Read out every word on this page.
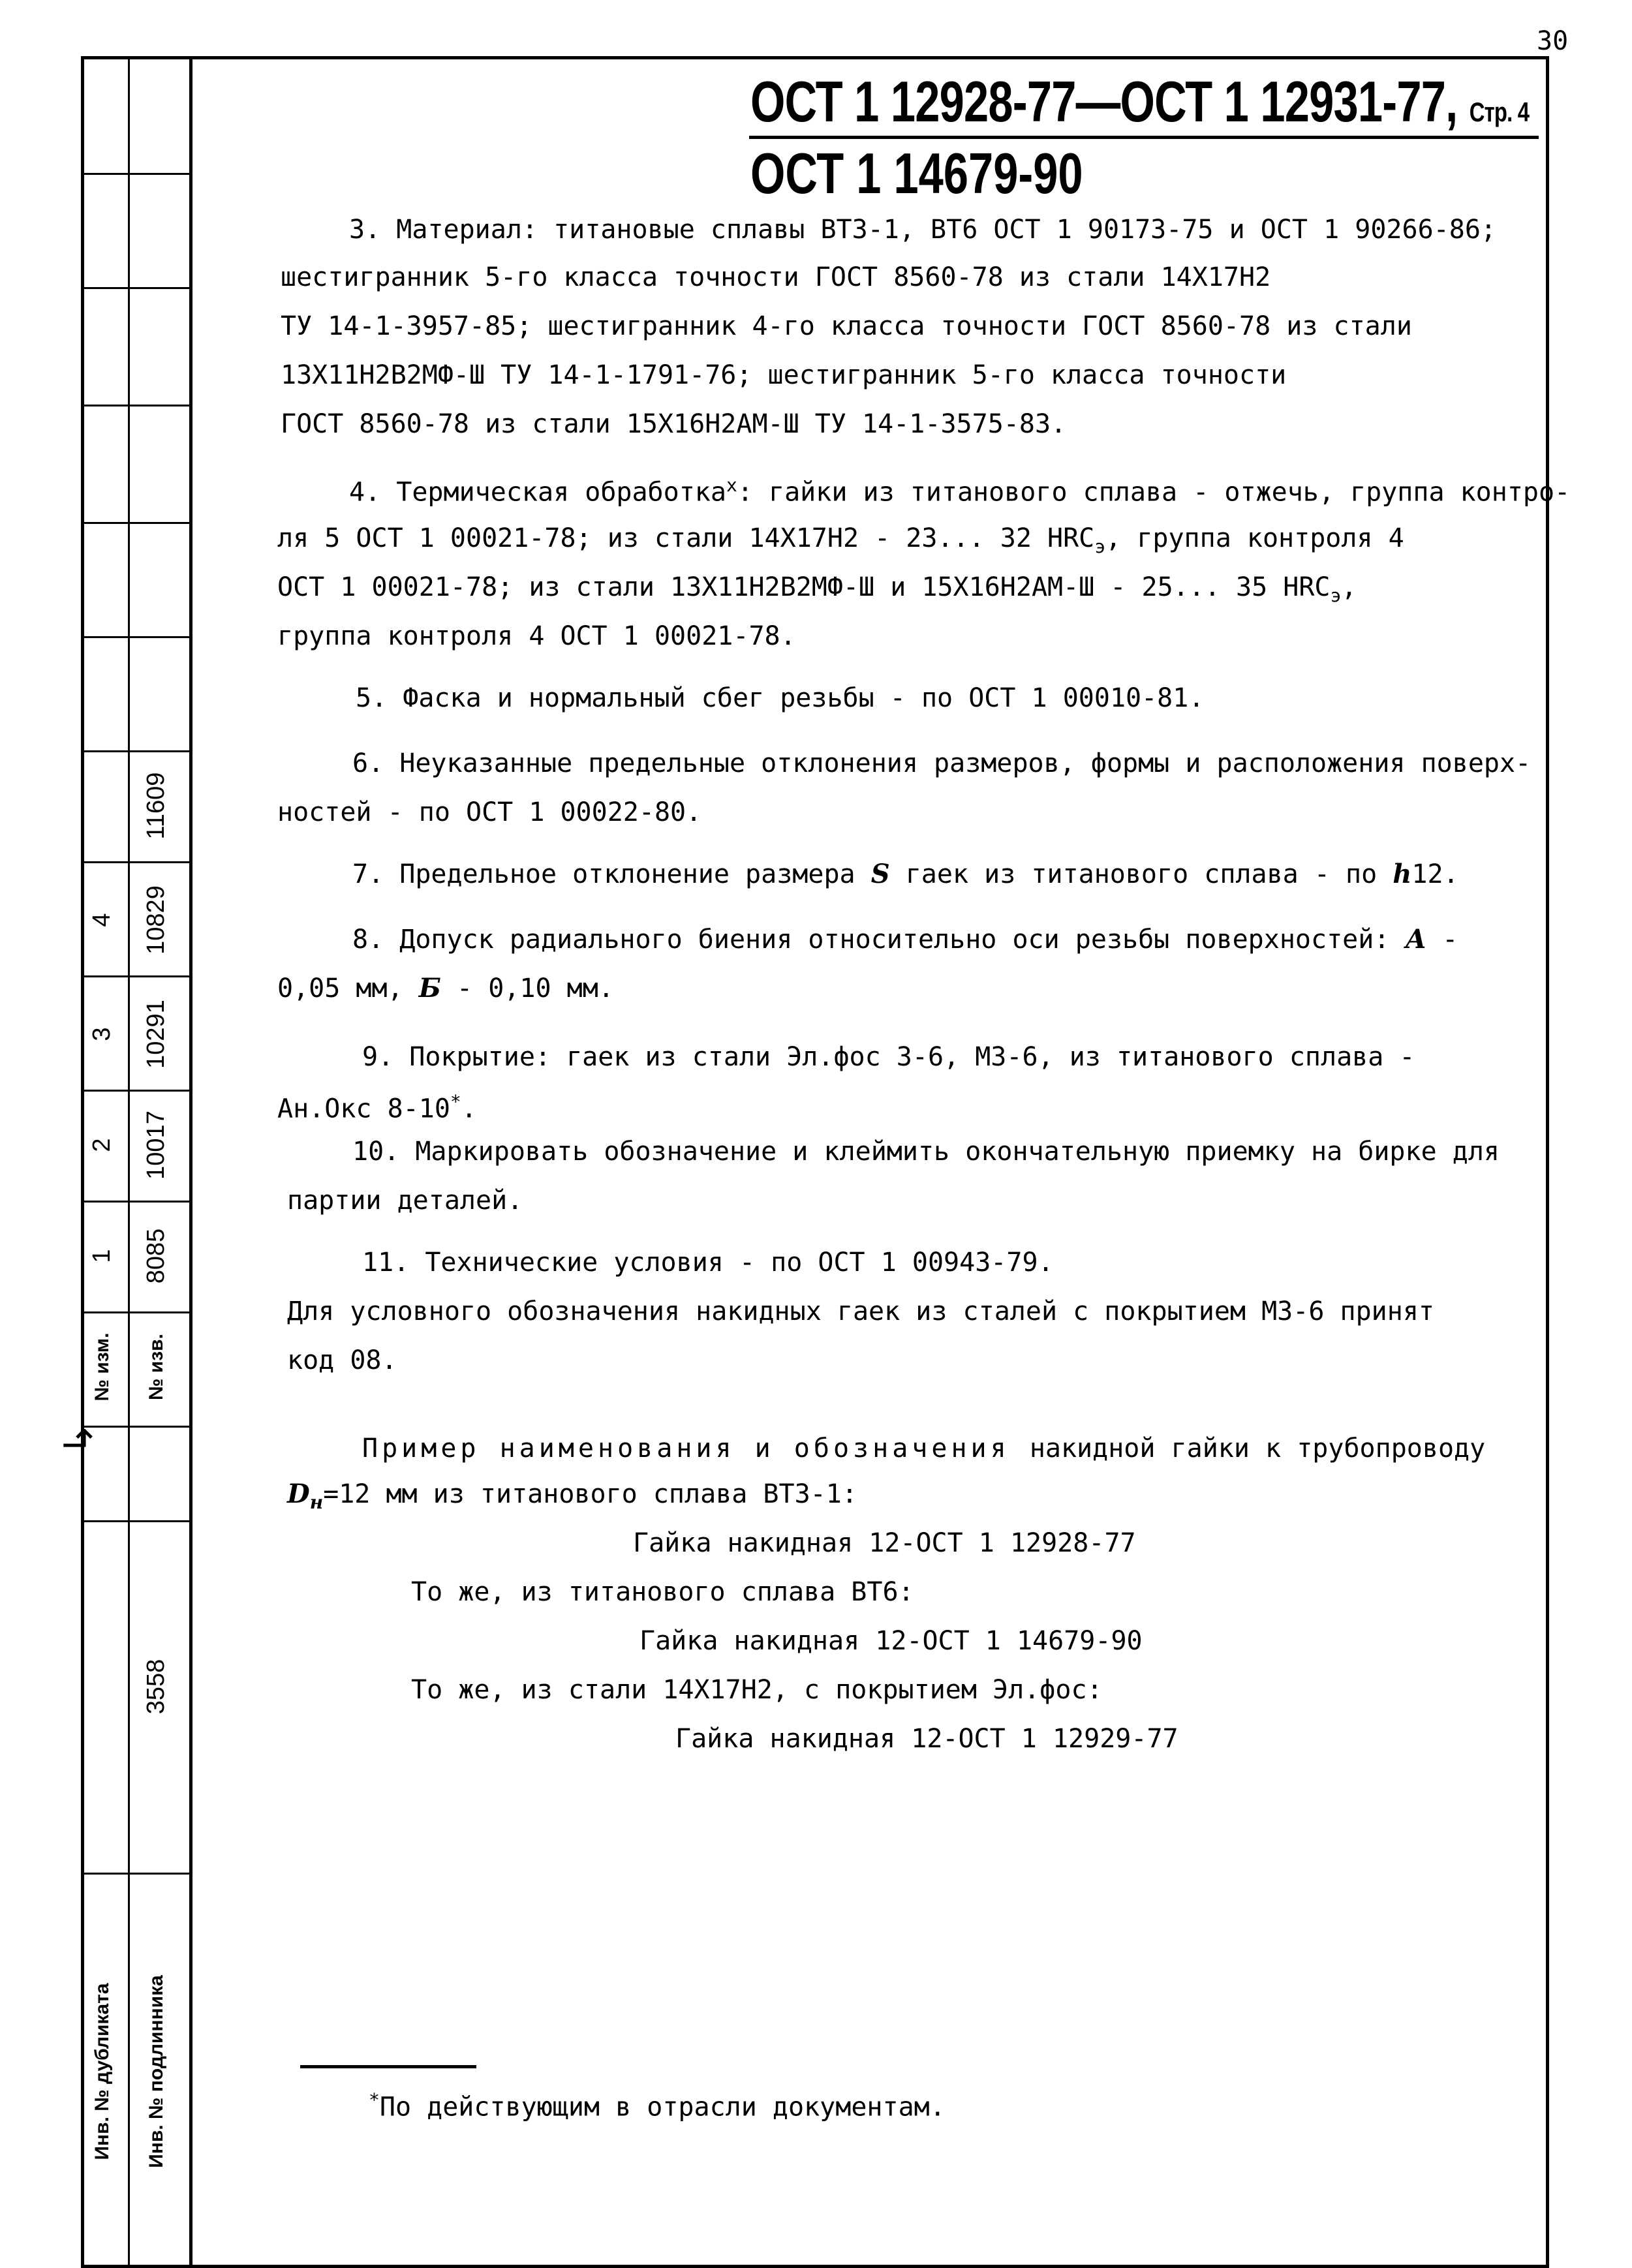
30
11609
4 10829
3 10291
2 10017
1 8085
№ изм. № изв.
↳
3558
Инв. № дубликата Инв. № подлинника
ОСТ 1 12928-77—ОСТ 1 12931-77, Стр. 4
ОСТ 1 14679-90
3. Материал: титановые сплавы ВТ3-1, ВТ6 ОСТ 1 90173-75 и ОСТ 1 90266-86;
шестигранник 5-го класса точности ГОСТ 8560-78 из стали 14Х17Н2
ТУ 14-1-3957-85; шестигранник 4-го класса точности ГОСТ 8560-78 из стали
13Х11Н2В2МФ-Ш ТУ 14-1-1791-76; шестигранник 5-го класса точности
ГОСТ 8560-78 из стали 15Х16Н2АМ-Ш ТУ 14-1-3575-83.
4. Термическая обработка$^x$: гайки из титанового сплава - отжечь, группа контро-
ля 5 ОСТ 1 00021-78; из стали 14Х17Н2 - 23... 32 $HRC_э$, группа контроля 4
ОСТ 1 00021-78; из стали 13Х11Н2В2МФ-Ш и 15Х16Н2АМ-Ш - 25... 35 $HRC_э$,
группа контроля 4 ОСТ 1 00021-78.
5. Фаска и нормальный сбег резьбы - по ОСТ 1 00010-81.
6. Неуказанные предельные отклонения размеров, формы и расположения поверх-
ностей - по ОСТ 1 00022-80.
7. Предельное отклонение размера S гаек из титанового сплава - по h12.
8. Допуск радиального биения относительно оси резьбы поверхностей: А -
0,05 мм, Б - 0,10 мм.
9. Покрытие: гаек из стали Эл.фос 3-6, М3-6, из титанового сплава -
Ан.Окс 8-10*.
10. Маркировать обозначение и клеймить окончательную приемку на бирке для
партии деталей.
11. Технические условия - по ОСТ 1 00943-79.
Для условного обозначения накидных гаек из сталей с покрытием М3-6 принят
код 08.
Пример наименования и обозначения накидной гайки к трубопроводу
$D_н=12$ мм из титанового сплава ВТ3-1:
Гайка накидная 12-ОСТ 1 12928-77
То же, из титанового сплава ВТ6:
Гайка накидная 12-ОСТ 1 14679-90
То же, из стали 14Х17Н2, с покрытием Эл.фос:
Гайка накидная 12-ОСТ 1 12929-77
*По действующим в отрасли документам.
